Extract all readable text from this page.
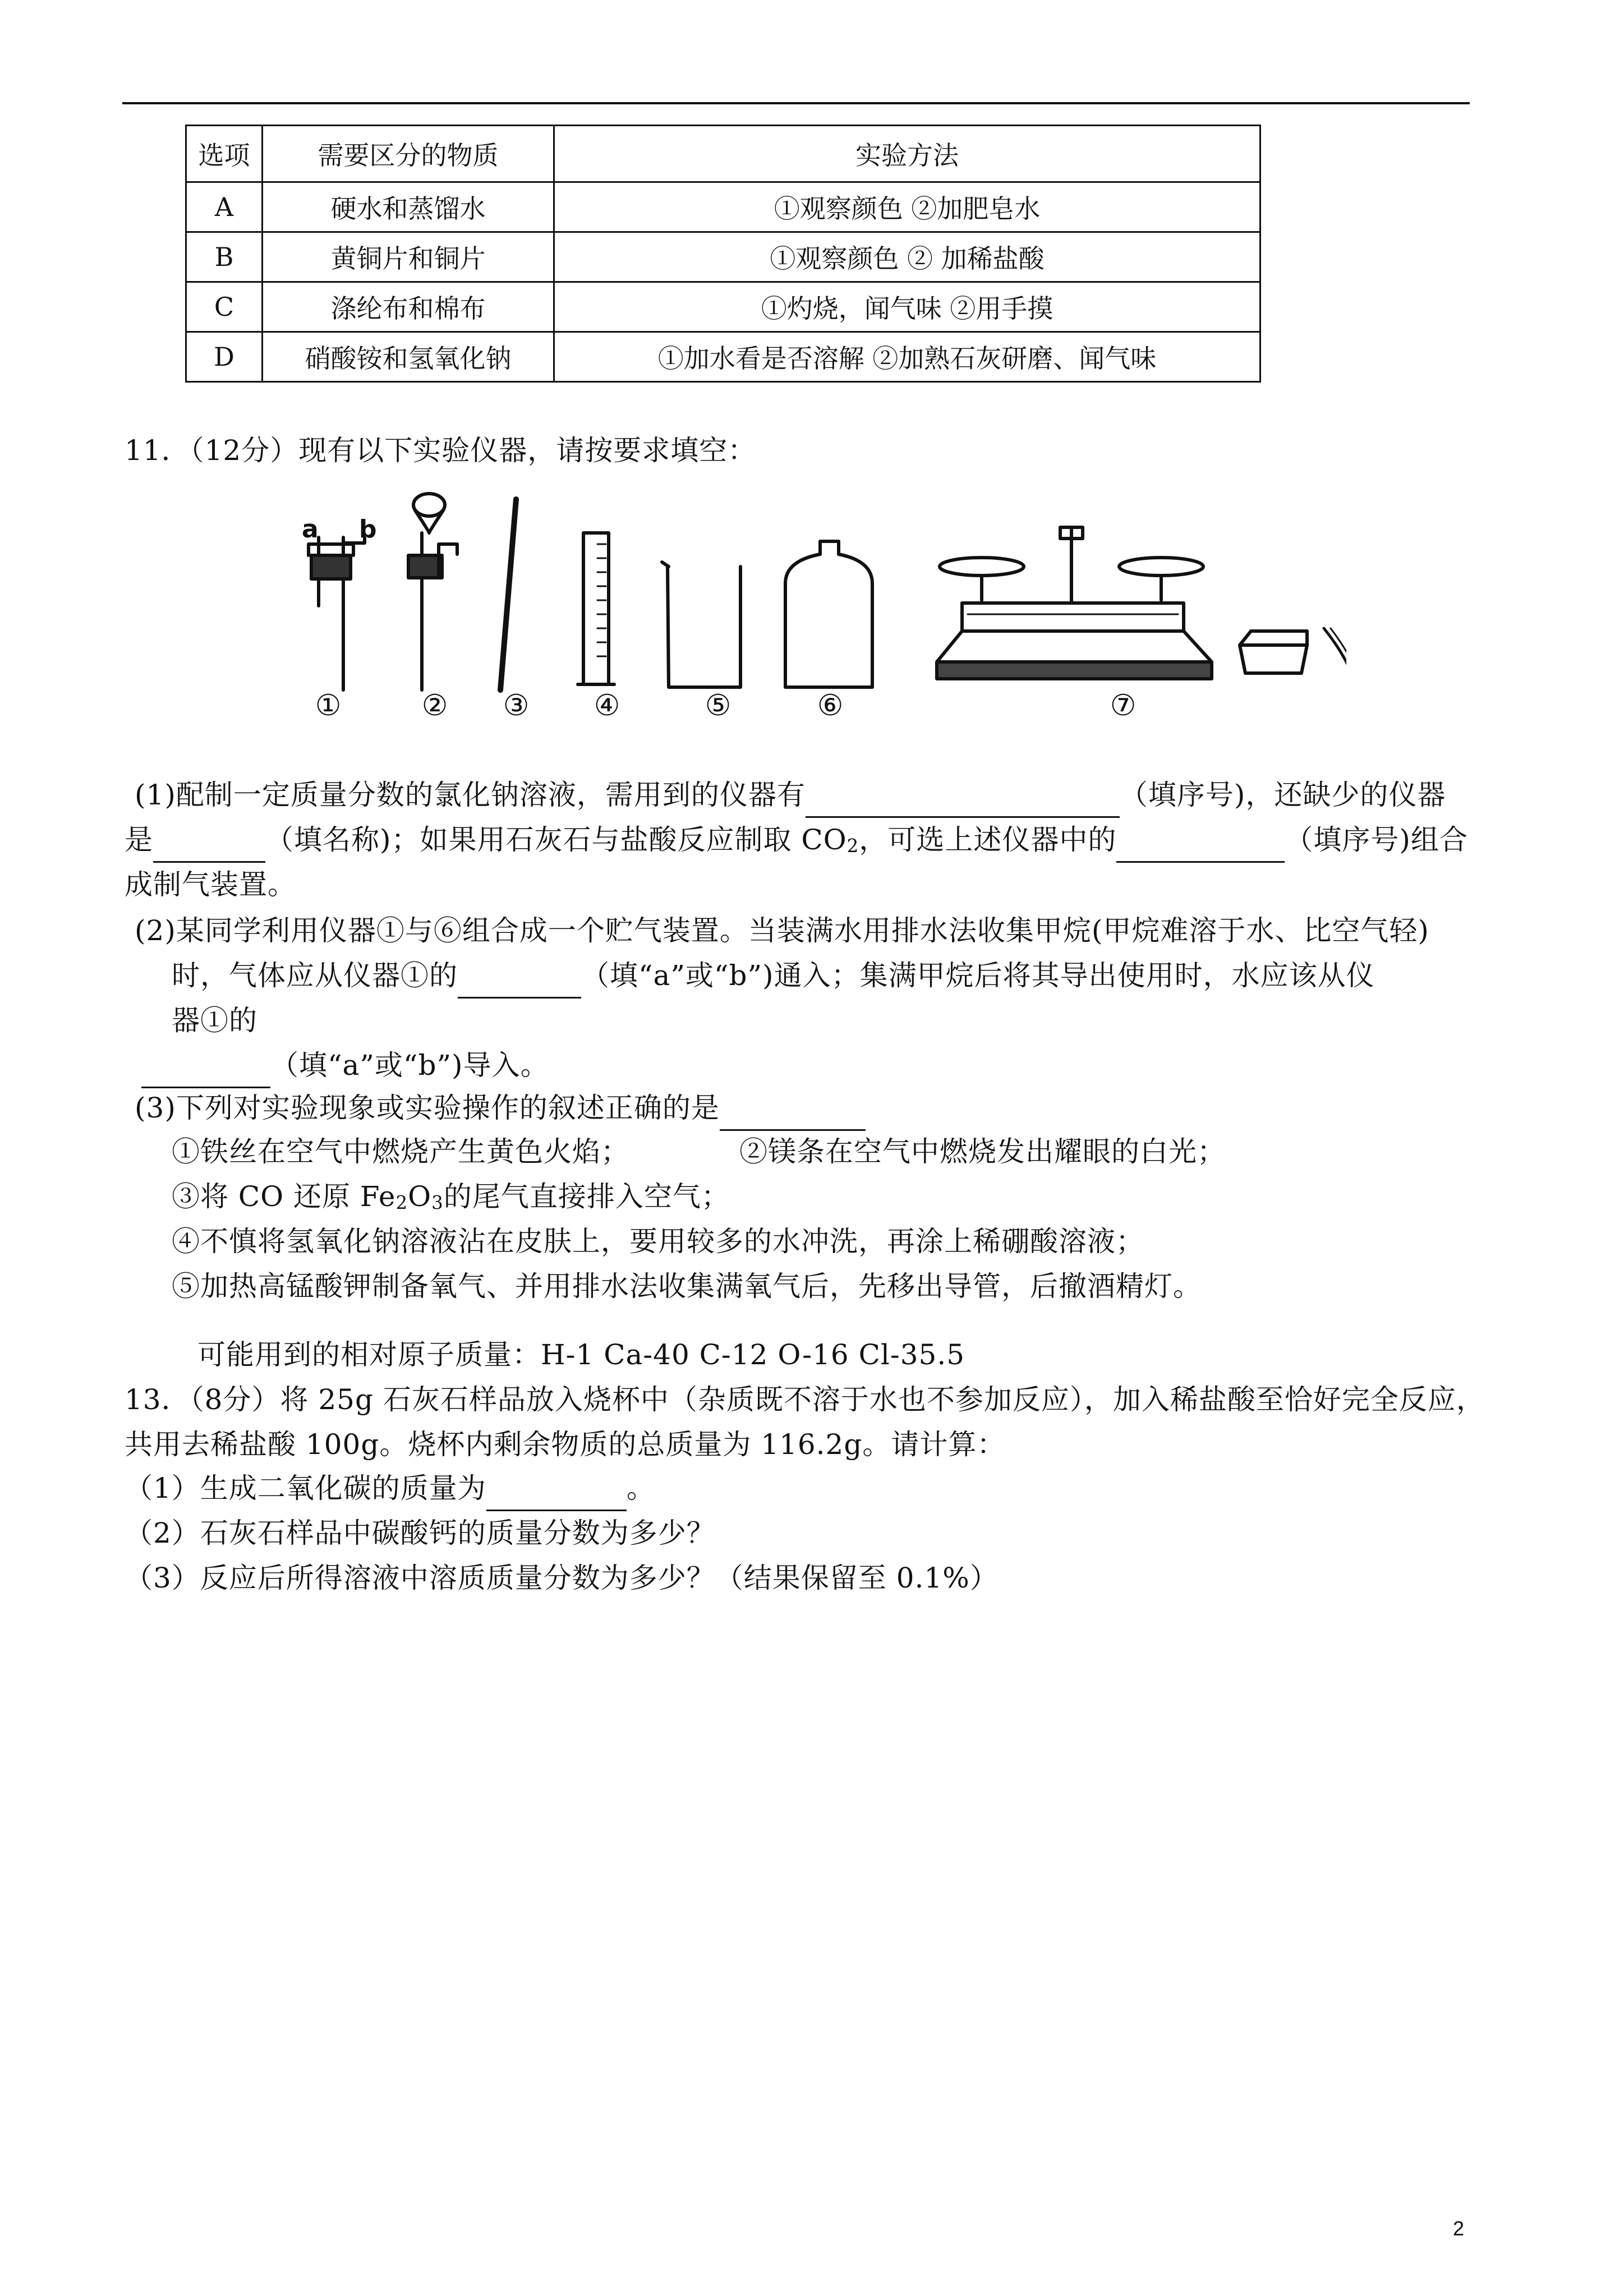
选项	需要区分的物质	实验方法
A	硬水和蒸馏水	①观察颜色 ②加肥皂水
B	黄铜片和铜片	①观察颜色 ② 加稀盐酸
C	涤纶布和棉布	①灼烧，闻气味 ②用手摸
D	硝酸铵和氢氧化钠	①加水看是否溶解 ②加熟石灰研磨、闻气味
11．（12分）现有以下实验仪器，请按要求填空：
a b
①	②	③	④	⑤	⑥	⑦
(1)配制一定质量分数的氯化钠溶液，需用到的仪器有	（填序号)，还缺少的仪器
是	（填名称)；如果用石灰石与盐酸反应制取 $CO_2$，可选上述仪器中的	（填序号)组合
成制气装置。
(2)某同学利用仪器①与⑥组合成一个贮气装置。当装满水用排水法收集甲烷(甲烷难溶于水、比空气轻)
时，气体应从仪器①的	（填“a”或“b”)通入；集满甲烷后将其导出使用时，水应该从仪
器①的
（填“a”或“b”)导入。
(3)下列对实验现象或实验操作的叙述正确的是
①铁丝在空气中燃烧产生黄色火焰；	②镁条在空气中燃烧发出耀眼的白光；
③将 CO 还原 $Fe_2O_3$的尾气直接排入空气；
④不慎将氢氧化钠溶液沾在皮肤上，要用较多的水冲洗，再涂上稀硼酸溶液；
⑤加热高锰酸钾制备氧气、并用排水法收集满氧气后，先移出导管，后撤酒精灯。
可能用到的相对原子质量：H-1 Ca-40 C-12 O-16 Cl-35.5
13．（8分）将 25g 石灰石样品放入烧杯中（杂质既不溶于水也不参加反应），加入稀盐酸至恰好完全反应，
共用去稀盐酸 100g。烧杯内剩余物质的总质量为 116.2g。请计算：
（1）生成二氧化碳的质量为	。
（2）石灰石样品中碳酸钙的质量分数为多少？
（3）反应后所得溶液中溶质质量分数为多少？（结果保留至 0.1%）
2
